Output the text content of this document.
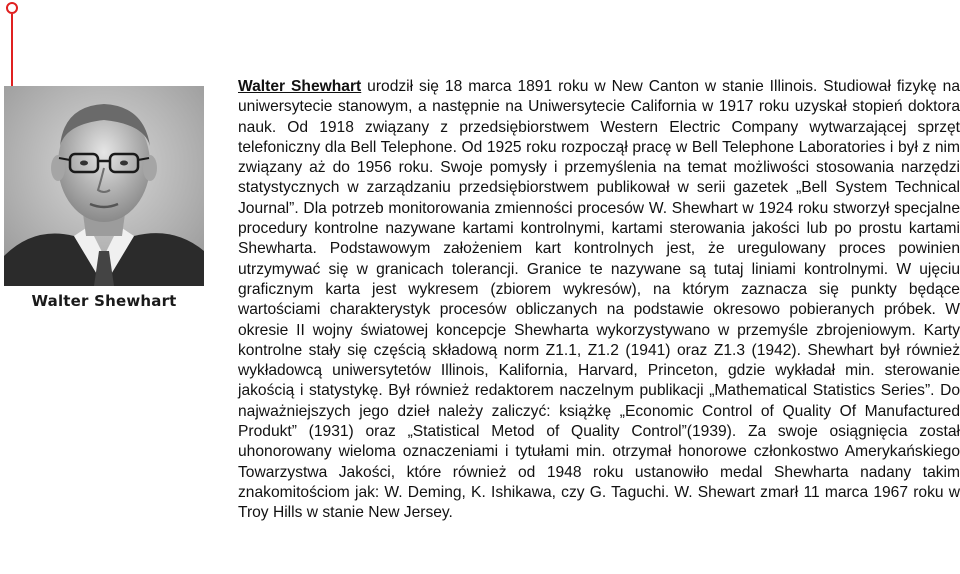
Walter Shewhart

Walter Shewhart urodził się 18 marca 1891 roku w New Canton w stanie Illinois. Studiował fizykę na uniwersytecie stanowym, a następnie na Uniwersytecie California w 1917 roku uzyskał stopień doktora nauk. Od 1918 związany z przedsiębiorstwem Western Electric Company wytwarzającej sprzęt telefoniczny dla Bell Telephone. Od 1925 roku rozpoczął pracę w Bell Telephone Laboratories i był z nim związany aż do 1956 roku. Swoje pomysły i przemyślenia na temat możliwości stosowania narzędzi statystycznych w zarządzaniu przedsiębiorstwem publikował w serii gazetek „Bell System Technical Journal”. Dla potrzeb monitorowania zmienności procesów W. Shewhart w 1924 roku stworzył specjalne procedury kontrolne nazywane kartami kontrolnymi, kartami sterowania jakości lub po prostu kartami Shewharta. Podstawowym założeniem kart kontrolnych jest, że uregulowany proces powinien utrzymywać się w granicach tolerancji. Granice te nazywane są tutaj liniami kontrolnymi. W ujęciu graficznym karta jest wykresem (zbiorem wykresów), na którym zaznacza się punkty będące wartościami charakterystyk procesów obliczanych na podstawie okresowo pobieranych próbek. W okresie II wojny światowej koncepcje Shewharta wykorzystywano w przemyśle zbrojeniowym. Karty kontrolne stały się częścią składową norm Z1.1, Z1.2 (1941) oraz Z1.3 (1942). Shewhart był również wykładowcą uniwersytetów Illinois, Kalifornia, Harvard, Princeton, gdzie wykładał min. sterowanie jakością i statystykę. Był również redaktorem naczelnym publikacji „Mathematical Statistics Series”. Do najważniejszych jego dzieł należy zaliczyć: książkę „Economic Control of Quality Of Manufactured Produkt” (1931) oraz „Statistical Metod of Quality Control”(1939). Za swoje osiągnięcia został uhonorowany wieloma oznaczeniami i tytułami min. otrzymał honorowe członkostwo Amerykańskiego Towarzystwa Jakości, które również od 1948 roku ustanowiło medal Shewharta nadany takim znakomitościom jak: W. Deming, K. Ishikawa, czy G. Taguchi. W. Shewart zmarł 11 marca 1967 roku w Troy Hills w stanie New Jersey.
